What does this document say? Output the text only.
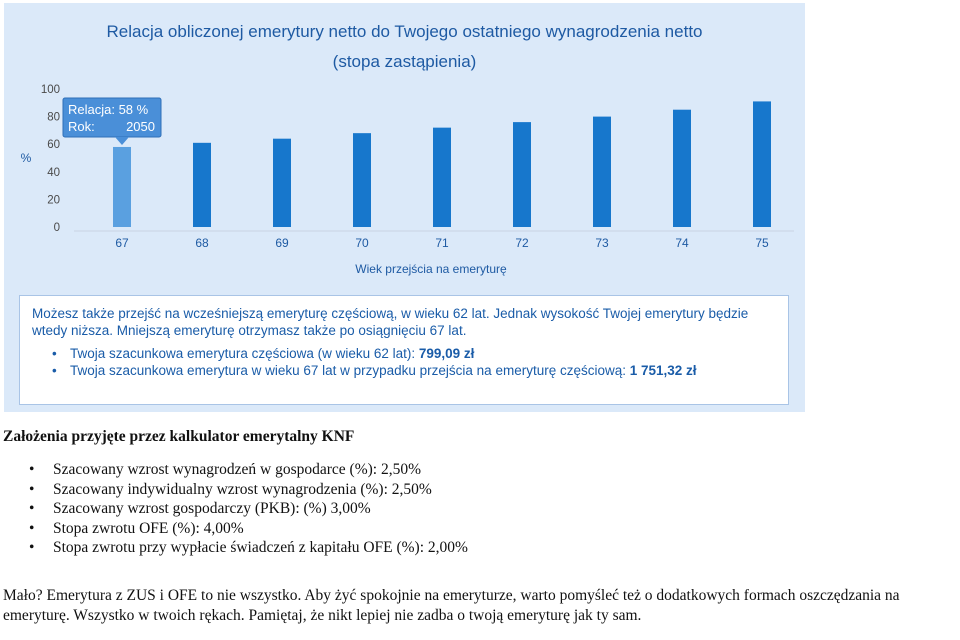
Relacja obliczonej emerytury netto do Twojego ostatniego wynagrodzenia netto
(stopa zastąpienia)
0
20
40
60
80
100
%
67	68	69	70	71	72	73	74	75
Wiek przejścia na emeryturę
Relacja: 58 %
Rok: 2050
Możesz także przejść na wcześniejszą emeryturę częściową, w wieku 62 lat. Jednak wysokość Twojej emerytury będzie wtedy niższa. Mniejszą emeryturę otrzymasz także po osiągnięciu 67 lat.
• Twoja szacunkowa emerytura częściowa (w wieku 62 lat): 799,09 zł
• Twoja szacunkowa emerytura w wieku 67 lat w przypadku przejścia na emeryturę częściową: 1 751,32 zł
Założenia przyjęte przez kalkulator emerytalny KNF
• Szacowany wzrost wynagrodzeń w gospodarce (%): 2,50%
• Szacowany indywidualny wzrost wynagrodzenia (%): 2,50%
• Szacowany wzrost gospodarczy (PKB): (%) 3,00%
• Stopa zwrotu OFE (%): 4,00%
• Stopa zwrotu przy wypłacie świadczeń z kapitału OFE (%): 2,00%

Mało? Emerytura z ZUS i OFE to nie wszystko. Aby żyć spokojnie na emeryturze, warto pomyśleć też o dodatkowych formach oszczędzania na emeryturę. Wszystko w twoich rękach. Pamiętaj, że nikt lepiej nie zadba o twoją emeryturę jak ty sam.
